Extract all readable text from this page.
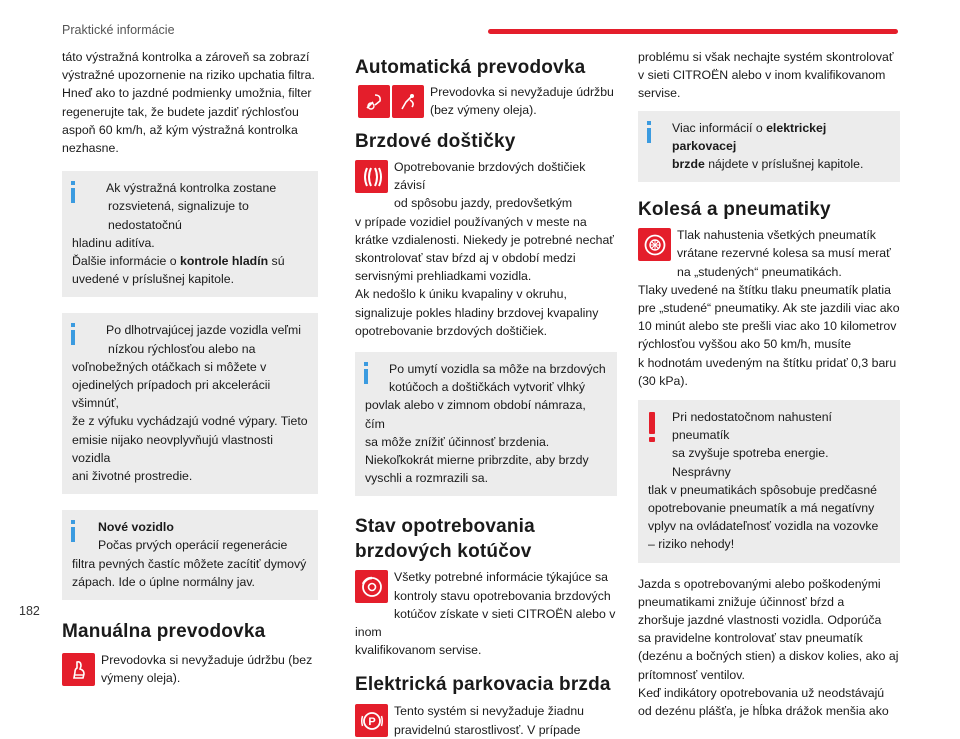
Praktické informácie

táto výstražná kontrolka a zároveň sa zobrazí
výstražné upozornenie na riziko upchatia filtra.
Hneď ako to jazdné podmienky umožnia, filter
regenerujte tak, že budete jazdiť rýchlosťou
aspoň 60 km/h, až kým výstražná kontrolka
nezhasne.

Ak výstražná kontrolka zostane
rozsvietená, signalizuje to nedostatočnú
hladinu aditíva.
Ďalšie informácie o kontrole hladín sú
uvedené v príslušnej kapitole.
Po dlhotrvajúcej jazde vozidla veľmi
nízkou rýchlosťou alebo na
voľnobežných otáčkach si môžete v
ojedinelých prípadoch pri akcelerácii všimnúť,
že z výfuku vychádzajú vodné výpary. Tieto
emisie nijako neovplyvňujú vlastnosti vozidla
ani životné prostredie.
Nové vozidlo
Počas prvých operácií regenerácie
filtra pevných častíc môžete zacítiť dymový
zápach. Ide o úplne normálny jav.
Manuálna prevodovka
Prevodovka si nevyžaduje údržbu (bez
výmeny oleja).
Automatická prevodovka
Prevodovka si nevyžaduje údržbu
(bez výmeny oleja).
Brzdové doštičky
Opotrebovanie brzdových doštičiek závisí
od spôsobu jazdy, predovšetkým
v prípade vozidiel používaných v meste na
krátke vzdialenosti. Niekedy je potrebné nechať
skontrolovať stav bŕzd aj v období medzi
servisnými prehliadkami vozidla.
Ak nedošlo k úniku kvapaliny v okruhu,
signalizuje pokles hladiny brzdovej kvapaliny
opotrebovanie brzdových doštičiek.
Po umytí vozidla sa môže na brzdových
kotúčoch a doštičkách vytvoriť vlhký
povlak alebo v zimnom období námraza, čím
sa môže znížiť účinnosť brzdenia.
Niekoľkokrát mierne pribrzdite, aby brzdy
vyschli a rozmrazili sa.
Stav opotrebovania
brzdových kotúčov
Všetky potrebné informácie týkajúce sa
kontroly stavu opotrebovania brzdových
kotúčov získate v sieti CITROËN alebo v inom
kvalifikovanom servise.
Elektrická parkovacia brzda
P
Tento systém si nevyžaduje žiadnu
pravidelnú starostlivosť. V prípade

problému si však nechajte systém skontrolovať
v sieti CITROËN alebo v inom kvalifikovanom
servise.

Viac informácií o elektrickej parkovacej
brzde nájdete v príslušnej kapitole.
Kolesá a pneumatiky
Tlak nahustenia všetkých pneumatík
vrátane rezervné kolesa sa musí merať
na „studených“ pneumatikách.
Tlaky uvedené na štítku tlaku pneumatík platia
pre „studené“ pneumatiky. Ak ste jazdili viac ako
10 minút alebo ste prešli viac ako 10 kilometrov
rýchlosťou vyššou ako 50 km/h, musíte
k hodnotám uvedeným na štítku pridať 0,3 baru
(30 kPa).
Pri nedostatočnom nahustení pneumatík
sa zvyšuje spotreba energie. Nesprávny
tlak v pneumatikách spôsobuje predčasné
opotrebovanie pneumatík a má negatívny
vplyv na ovládateľnosť vozidla na vozovke
– riziko nehody!

Jazda s opotrebovanými alebo poškodenými
pneumatikami znižuje účinnosť bŕzd a
zhoršuje jazdné vlastnosti vozidla. Odporúča
sa pravidelne kontrolovať stav pneumatík
(dezénu a bočných stien) a diskov kolies, ako aj
prítomnosť ventilov.
Keď indikátory opotrebovania už neodstávajú
od dezénu plášťa, je hĺbka drážok menšia ako

182
